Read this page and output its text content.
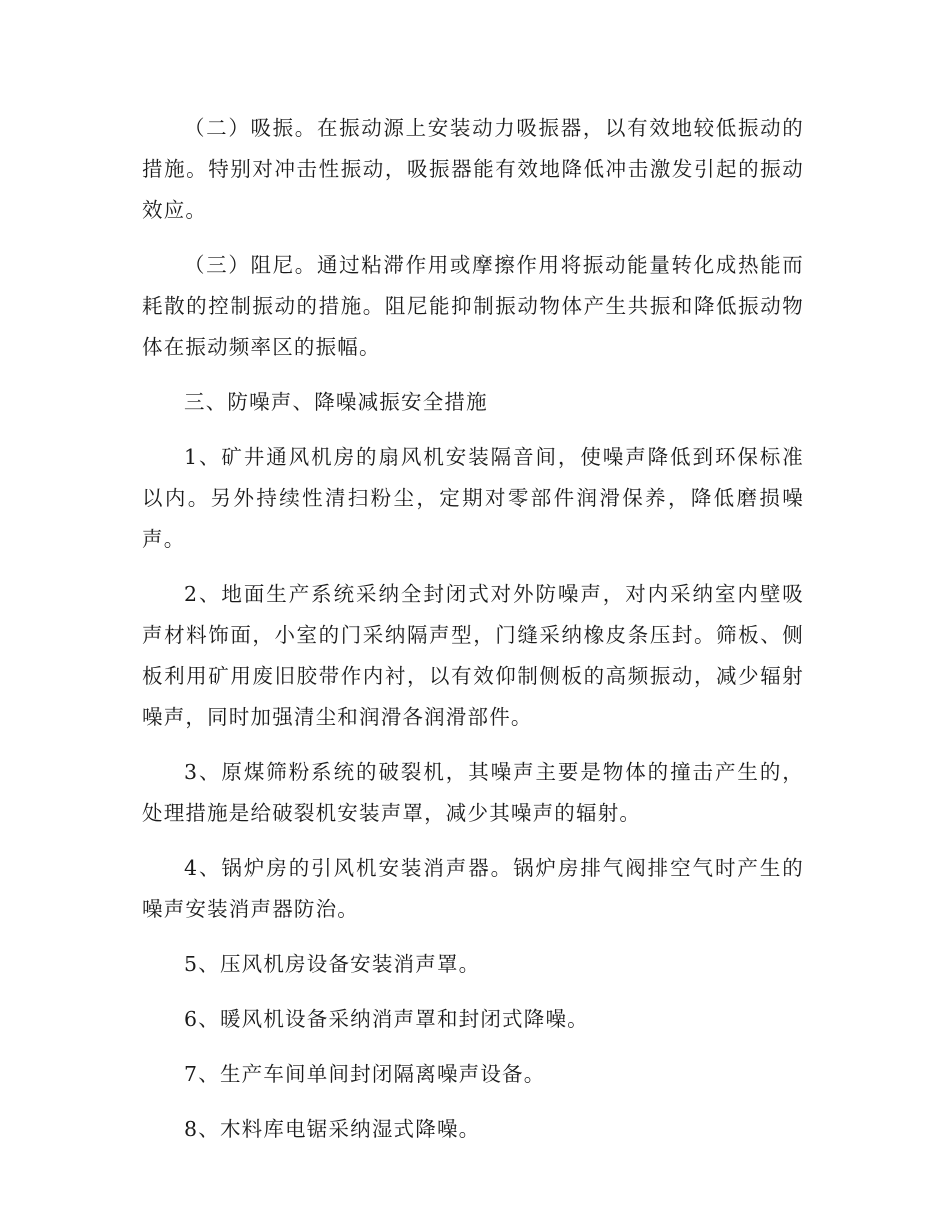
（二）吸振。在振动源上安装动力吸振器，以有效地较低振动的措施。特别对冲击性振动，吸振器能有效地降低冲击激发引起的振动效应。

（三）阻尼。通过粘滞作用或摩擦作用将振动能量转化成热能而耗散的控制振动的措施。阻尼能抑制振动物体产生共振和降低振动物体在振动频率区的振幅。

三、防噪声、降噪减振安全措施

1、矿井通风机房的扇风机安装隔音间，使噪声降低到环保标准以内。另外持续性清扫粉尘，定期对零部件润滑保养，降低磨损噪声。

2、地面生产系统采纳全封闭式对外防噪声，对内采纳室内壁吸声材料饰面，小室的门采纳隔声型，门缝采纳橡皮条压封。筛板、侧板利用矿用废旧胶带作内衬，以有效仰制侧板的高频振动，减少辐射噪声，同时加强清尘和润滑各润滑部件。

3、原煤筛粉系统的破裂机，其噪声主要是物体的撞击产生的，处理措施是给破裂机安装声罩，减少其噪声的辐射。

4、锅炉房的引风机安装消声器。锅炉房排气阀排空气时产生的噪声安装消声器防治。

5、压风机房设备安装消声罩。

6、暖风机设备采纳消声罩和封闭式降噪。

7、生产车间单间封闭隔离噪声设备。

8、木料库电锯采纳湿式降噪。
